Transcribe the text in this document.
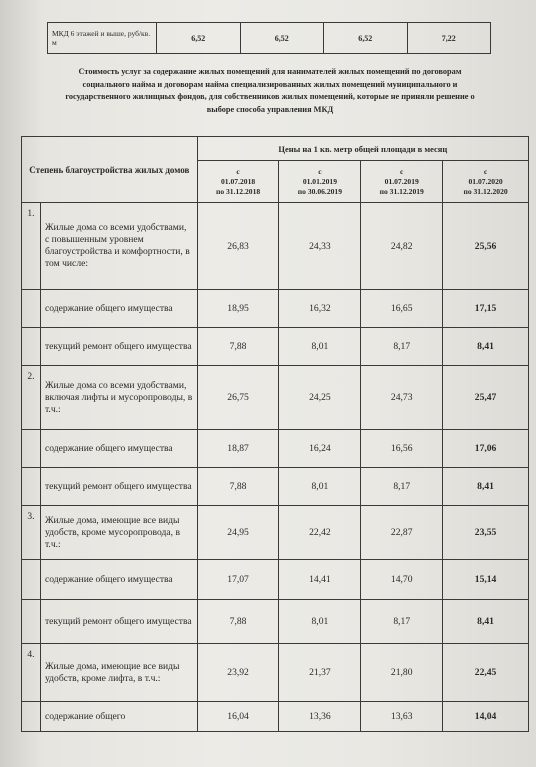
МКД 6 этажей и выше, руб/кв. м	6,52	6,52	6,52	7,22
Стоимость услуг за содержание жилых помещений для нанимателей жилых помещений по договорам социального найма и договорам найма специализированных жилых помещений муниципального и государственного жилищных фондов, для собственников жилых помещений, которые не приняли решение о выборе способа управления МКД
Степень благоустройства жилых домов		Цены на 1 кв. метр общей площади в месяц			
		с
01.07.2018
по 31.12.2018	с
01.01.2019
по 30.06.2019	с
01.07.2019
по 31.12.2019	с
01.07.2020
по 31.12.2020
1.	Жилые дома со всеми удобствами, с повышенным уровнем благоустройства и комфортности, в том числе:	26,83	24,33	24,82	25,56
	содержание общего имущества	18,95	16,32	16,65	17,15
	текущий ремонт общего имущества	7,88	8,01	8,17	8,41
2.	Жилые дома со всеми удобствами, включая лифты и мусоропроводы, в т.ч.:	26,75	24,25	24,73	25,47
	содержание общего имущества	18,87	16,24	16,56	17,06
	текущий ремонт общего имущества	7,88	8,01	8,17	8,41
3.	Жилые дома, имеющие все виды удобств, кроме мусоропровода, в т.ч.:	24,95	22,42	22,87	23,55
	содержание общего имущества	17,07	14,41	14,70	15,14
	текущий ремонт общего имущества	7,88	8,01	8,17	8,41
4.	Жилые дома, имеющие все виды удобств, кроме лифта, в т.ч.:	23,92	21,37	21,80	22,45
	содержание общего	16,04	13,36	13,63	14,04
